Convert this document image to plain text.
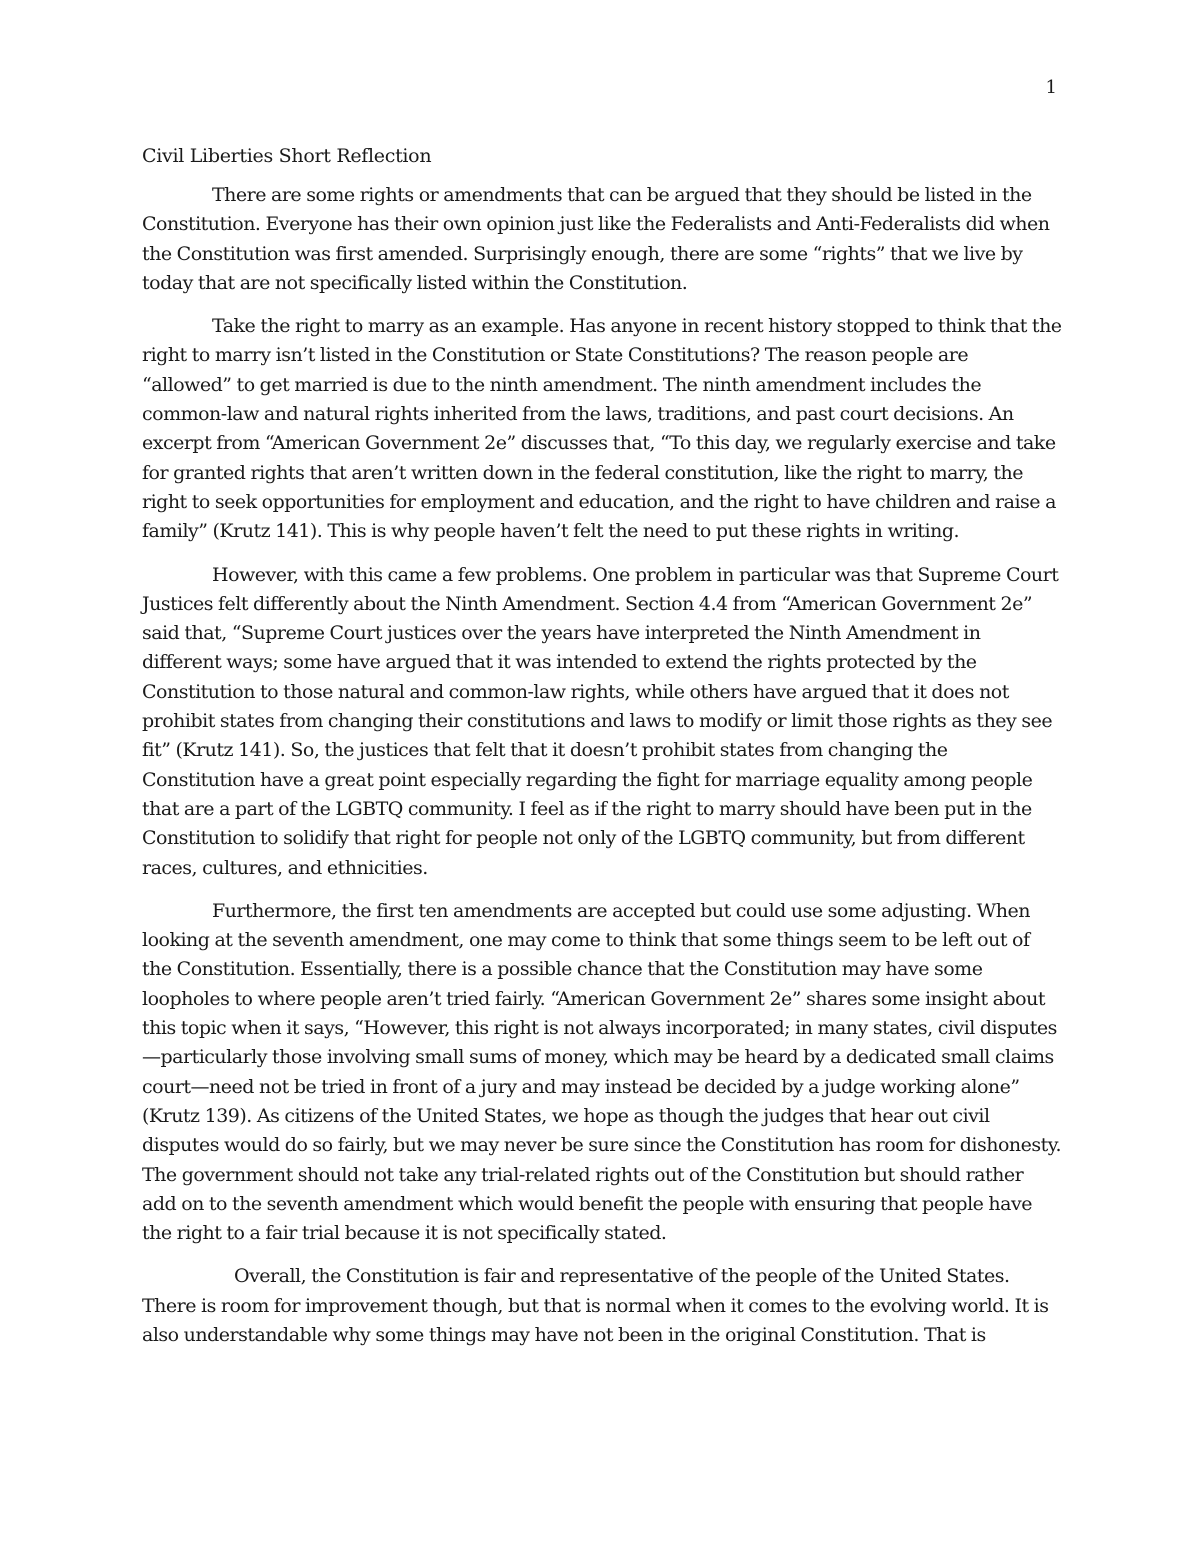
1

Civil Liberties Short Reflection

There are some rights or amendments that can be argued that they should be listed in the Constitution. Everyone has their own opinion just like the Federalists and Anti-Federalists did when the Constitution was first amended. Surprisingly enough, there are some “rights” that we live by today that are not specifically listed within the Constitution.

Take the right to marry as an example. Has anyone in recent history stopped to think that the right to marry isn’t listed in the Constitution or State Constitutions? The reason people are “allowed” to get married is due to the ninth amendment. The ninth amendment includes the common-law and natural rights inherited from the laws, traditions, and past court decisions. An excerpt from “American Government 2e” discusses that, “To this day, we regularly exercise and take for granted rights that aren’t written down in the federal constitution, like the right to marry, the right to seek opportunities for employment and education, and the right to have children and raise a family” (Krutz 141). This is why people haven’t felt the need to put these rights in writing.

However, with this came a few problems. One problem in particular was that Supreme Court Justices felt differently about the Ninth Amendment. Section 4.4 from “American Government 2e” said that, “Supreme Court justices over the years have interpreted the Ninth Amendment in different ways; some have argued that it was intended to extend the rights protected by the Constitution to those natural and common-law rights, while others have argued that it does not prohibit states from changing their constitutions and laws to modify or limit those rights as they see fit” (Krutz 141). So, the justices that felt that it doesn’t prohibit states from changing the Constitution have a great point especially regarding the fight for marriage equality among people that are a part of the LGBTQ community. I feel as if the right to marry should have been put in the Constitution to solidify that right for people not only of the LGBTQ community, but from different races, cultures, and ethnicities.

Furthermore, the first ten amendments are accepted but could use some adjusting. When looking at the seventh amendment, one may come to think that some things seem to be left out of the Constitution. Essentially, there is a possible chance that the Constitution may have some loopholes to where people aren’t tried fairly. “American Government 2e” shares some insight about this topic when it says, “However, this right is not always incorporated; in many states, civil disputes—particularly those involving small sums of money, which may be heard by a dedicated small claims court—need not be tried in front of a jury and may instead be decided by a judge working alone” (Krutz 139). As citizens of the United States, we hope as though the judges that hear out civil disputes would do so fairly, but we may never be sure since the Constitution has room for dishonesty. The government should not take any trial-related rights out of the Constitution but should rather add on to the seventh amendment which would benefit the people with ensuring that people have the right to a fair trial because it is not specifically stated.

Overall, the Constitution is fair and representative of the people of the United States. There is room for improvement though, but that is normal when it comes to the evolving world. It is also understandable why some things may have not been in the original Constitution. That is
